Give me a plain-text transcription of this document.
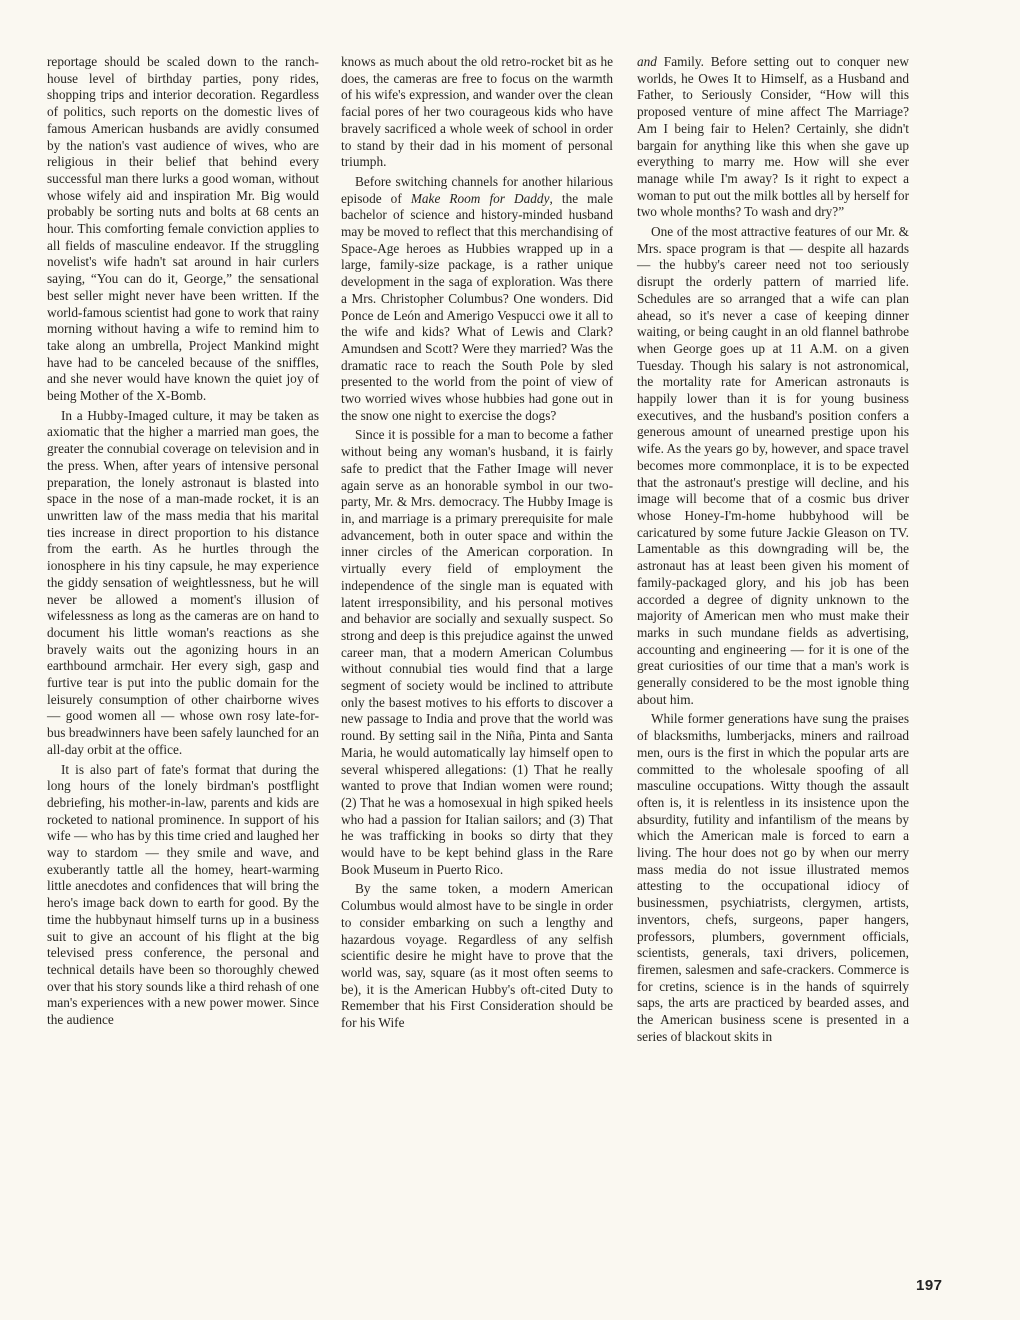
reportage should be scaled down to the ranch-house level of birthday parties, pony rides, shopping trips and interior decoration. Regardless of politics, such reports on the domestic lives of famous American husbands are avidly consumed by the nation's vast audience of wives, who are religious in their belief that behind every successful man there lurks a good woman, without whose wifely aid and inspiration Mr. Big would probably be sorting nuts and bolts at 68 cents an hour. This comforting female conviction applies to all fields of masculine endeavor. If the struggling novelist's wife hadn't sat around in hair curlers saying, “You can do it, George,” the sensational best seller might never have been written. If the world-famous scientist had gone to work that rainy morning without having a wife to remind him to take along an umbrella, Project Mankind might have had to be canceled because of the sniffles, and she never would have known the quiet joy of being Mother of the X-Bomb.

In a Hubby-Imaged culture, it may be taken as axiomatic that the higher a married man goes, the greater the connubial coverage on television and in the press. When, after years of intensive personal preparation, the lonely astronaut is blasted into space in the nose of a man-made rocket, it is an unwritten law of the mass media that his marital ties increase in direct proportion to his distance from the earth. As he hurtles through the ionosphere in his tiny capsule, he may experience the giddy sensation of weightlessness, but he will never be allowed a moment's illusion of wifelessness as long as the cameras are on hand to document his little woman's reactions as she bravely waits out the agonizing hours in an earthbound armchair. Her every sigh, gasp and furtive tear is put into the public domain for the leisurely consumption of other chairborne wives — good women all — whose own rosy late-for-bus breadwinners have been safely launched for an all-day orbit at the office.

It is also part of fate's format that during the long hours of the lonely birdman's postflight debriefing, his mother-in-law, parents and kids are rocketed to national prominence. In support of his wife — who has by this time cried and laughed her way to stardom — they smile and wave, and exuberantly tattle all the homey, heart-warming little anecdotes and confidences that will bring the hero's image back down to earth for good. By the time the hubbynaut himself turns up in a business suit to give an account of his flight at the big televised press conference, the personal and technical details have been so thoroughly chewed over that his story sounds like a third rehash of one man's experiences with a new power mower. Since the audience

knows as much about the old retro-rocket bit as he does, the cameras are free to focus on the warmth of his wife's expression, and wander over the clean facial pores of her two courageous kids who have bravely sacrificed a whole week of school in order to stand by their dad in his moment of personal triumph.

Before switching channels for another hilarious episode of Make Room for Daddy, the male bachelor of science and history-minded husband may be moved to reflect that this merchandising of Space-Age heroes as Hubbies wrapped up in a large, family-size package, is a rather unique development in the saga of exploration. Was there a Mrs. Christopher Columbus? One wonders. Did Ponce de León and Amerigo Vespucci owe it all to the wife and kids? What of Lewis and Clark? Amundsen and Scott? Were they married? Was the dramatic race to reach the South Pole by sled presented to the world from the point of view of two worried wives whose hubbies had gone out in the snow one night to exercise the dogs?

Since it is possible for a man to become a father without being any woman's husband, it is fairly safe to predict that the Father Image will never again serve as an honorable symbol in our two-party, Mr. & Mrs. democracy. The Hubby Image is in, and marriage is a primary prerequisite for male advancement, both in outer space and within the inner circles of the American corporation. In virtually every field of employment the independence of the single man is equated with latent irresponsibility, and his personal motives and behavior are socially and sexually suspect. So strong and deep is this prejudice against the unwed career man, that a modern American Columbus without connubial ties would find that a large segment of society would be inclined to attribute only the basest motives to his efforts to discover a new passage to India and prove that the world was round. By setting sail in the Niña, Pinta and Santa Maria, he would automatically lay himself open to several whispered allegations: (1) That he really wanted to prove that Indian women were round; (2) That he was a homosexual in high spiked heels who had a passion for Italian sailors; and (3) That he was trafficking in books so dirty that they would have to be kept behind glass in the Rare Book Museum in Puerto Rico.

By the same token, a modern American Columbus would almost have to be single in order to consider embarking on such a lengthy and hazardous voyage. Regardless of any selfish scientific desire he might have to prove that the world was, say, square (as it most often seems to be), it is the American Hubby's oft-cited Duty to Remember that his First Consideration should be for his Wife

and Family. Before setting out to conquer new worlds, he Owes It to Himself, as a Husband and Father, to Seriously Consider, “How will this proposed venture of mine affect The Marriage? Am I being fair to Helen? Certainly, she didn't bargain for anything like this when she gave up everything to marry me. How will she ever manage while I'm away? Is it right to expect a woman to put out the milk bottles all by herself for two whole months? To wash and dry?”

One of the most attractive features of our Mr. & Mrs. space program is that — despite all hazards — the hubby's career need not too seriously disrupt the orderly pattern of married life. Schedules are so arranged that a wife can plan ahead, so it's never a case of keeping dinner waiting, or being caught in an old flannel bathrobe when George goes up at 11 A.M. on a given Tuesday. Though his salary is not astronomical, the mortality rate for American astronauts is happily lower than it is for young business executives, and the husband's position confers a generous amount of unearned prestige upon his wife. As the years go by, however, and space travel becomes more commonplace, it is to be expected that the astronaut's prestige will decline, and his image will become that of a cosmic bus driver whose Honey-I'm-home hubbyhood will be caricatured by some future Jackie Gleason on TV. Lamentable as this downgrading will be, the astronaut has at least been given his moment of family-packaged glory, and his job has been accorded a degree of dignity unknown to the majority of American men who must make their marks in such mundane fields as advertising, accounting and engineering — for it is one of the great curiosities of our time that a man's work is generally considered to be the most ignoble thing about him.

While former generations have sung the praises of blacksmiths, lumberjacks, miners and railroad men, ours is the first in which the popular arts are committed to the wholesale spoofing of all masculine occupations. Witty though the assault often is, it is relentless in its insistence upon the absurdity, futility and infantilism of the means by which the American male is forced to earn a living. The hour does not go by when our merry mass media do not issue illustrated memos attesting to the occupational idiocy of businessmen, psychiatrists, clergymen, artists, inventors, chefs, surgeons, paper hangers, professors, plumbers, government officials, scientists, generals, taxi drivers, policemen, firemen, salesmen and safe-crackers. Commerce is for cretins, science is in the hands of squirrely saps, the arts are practiced by bearded asses, and the American business scene is presented in a series of blackout skits in

197
